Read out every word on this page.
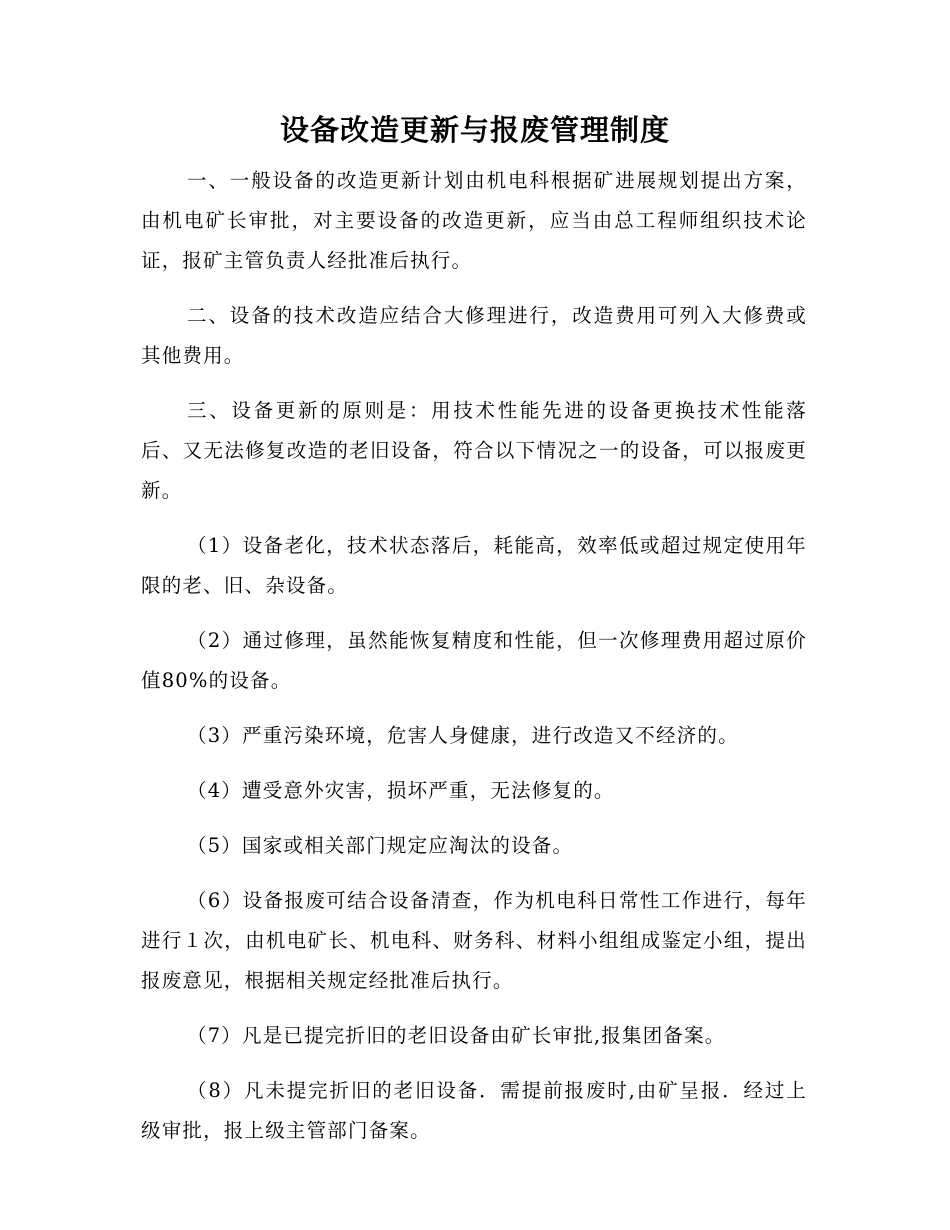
设备改造更新与报废管理制度

一、一般设备的改造更新计划由机电科根据矿进展规划提出方案，由机电矿长审批，对主要设备的改造更新，应当由总工程师组织技术论证，报矿主管负责人经批准后执行。

二、设备的技术改造应结合大修理进行，改造费用可列入大修费或其他费用。

三、设备更新的原则是：用技术性能先进的设备更换技术性能落后、又无法修复改造的老旧设备，符合以下情况之一的设备，可以报废更新。

（1）设备老化，技术状态落后，耗能高，效率低或超过规定使用年限的老、旧、杂设备。

（2）通过修理，虽然能恢复精度和性能，但一次修理费用超过原价值80%的设备。

（3）严重污染环境，危害人身健康，进行改造又不经济的。

（4）遭受意外灾害，损坏严重，无法修复的。

（5）国家或相关部门规定应淘汰的设备。

（6）设备报废可结合设备清查，作为机电科日常性工作进行，每年进行１次，由机电矿长、机电科、财务科、材料小组组成鉴定小组，提出报废意见，根据相关规定经批准后执行。

（7）凡是已提完折旧的老旧设备由矿长审批,报集团备案。

（8）凡未提完折旧的老旧设备．需提前报废时,由矿呈报．经过上级审批，报上级主管部门备案。
